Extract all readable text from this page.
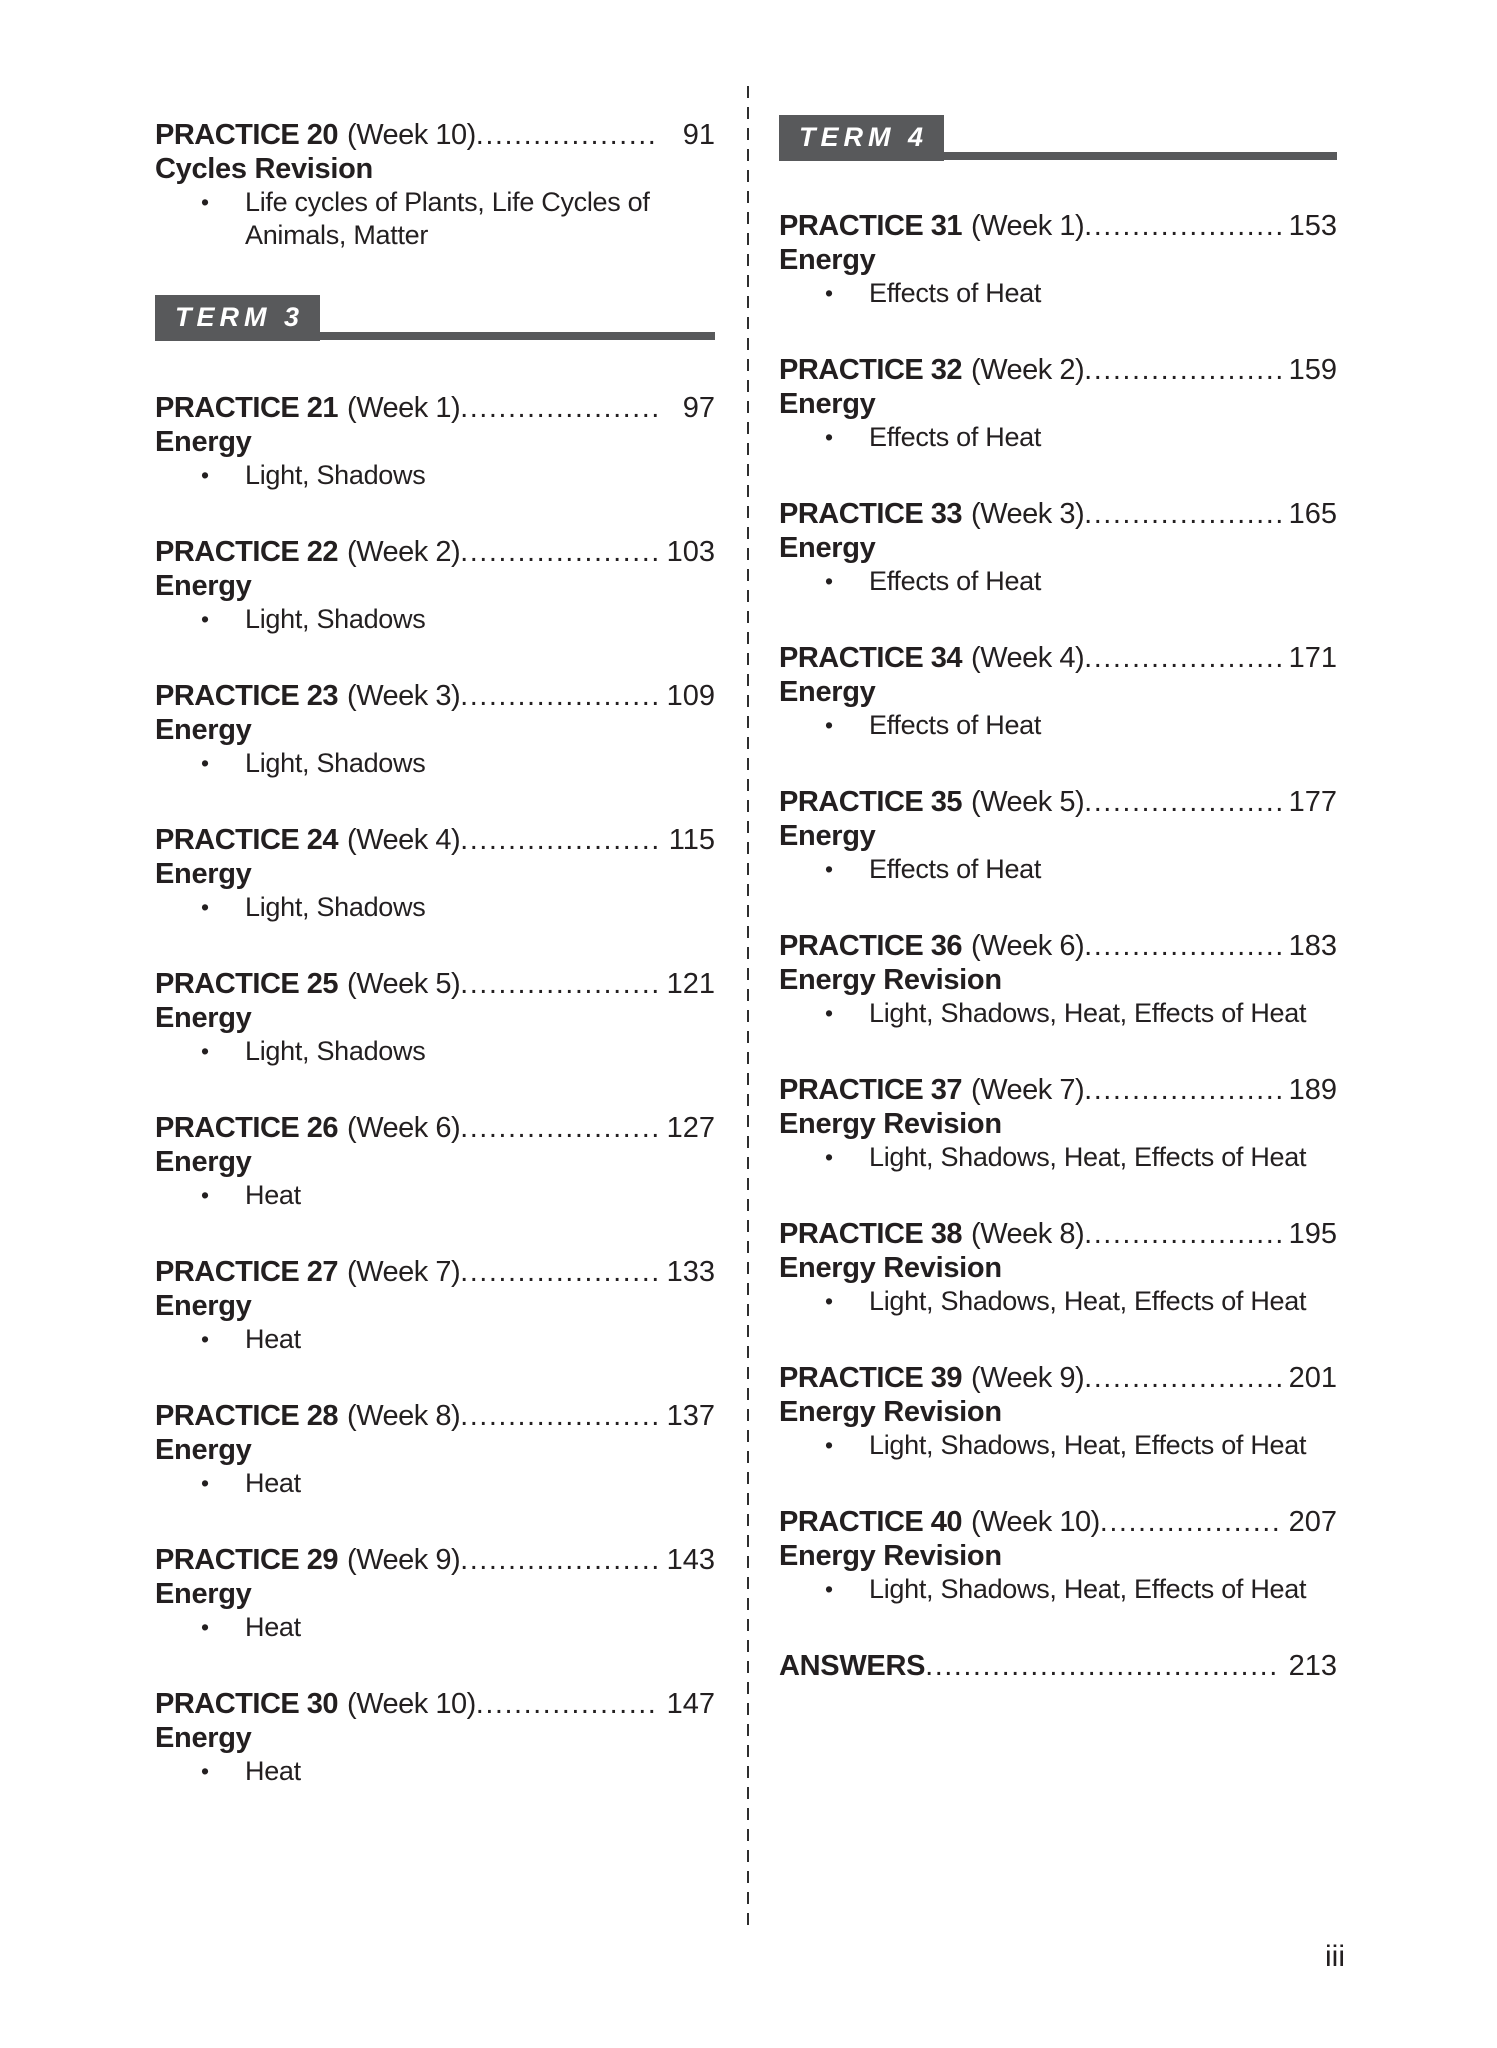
PRACTICE 20 (Week 10) .....	91
Cycles Revision
•	Life cycles of Plants, Life Cycles of Animals, Matter
TERM 3
PRACTICE 21 (Week 1) .....	97
Energy
•	Light, Shadows
PRACTICE 22 (Week 2) .....	103
Energy
•	Light, Shadows
PRACTICE 23 (Week 3) .....	109
Energy
•	Light, Shadows
PRACTICE 24 (Week 4) .....	115
Energy
•	Light, Shadows
PRACTICE 25 (Week 5) .....	121
Energy
•	Light, Shadows
PRACTICE 26 (Week 6) .....	127
Energy
•	Heat
PRACTICE 27 (Week 7) .....	133
Energy
•	Heat
PRACTICE 28 (Week 8) .....	137
Energy
•	Heat
PRACTICE 29 (Week 9) .....	143
Energy
•	Heat
PRACTICE 30 (Week 10) .....	147
Energy
•	Heat
TERM 4
PRACTICE 31 (Week 1) .....	153
Energy
•	Effects of Heat
PRACTICE 32 (Week 2) .....	159
Energy
•	Effects of Heat
PRACTICE 33 (Week 3) .....	165
Energy
•	Effects of Heat
PRACTICE 34 (Week 4) .....	171
Energy
•	Effects of Heat
PRACTICE 35 (Week 5) .....	177
Energy
•	Effects of Heat
PRACTICE 36 (Week 6) .....	183
Energy Revision
•	Light, Shadows, Heat, Effects of Heat
PRACTICE 37 (Week 7) .....	189
Energy Revision
•	Light, Shadows, Heat, Effects of Heat
PRACTICE 38 (Week 8) .....	195
Energy Revision
•	Light, Shadows, Heat, Effects of Heat
PRACTICE 39 (Week 9) .....	201
Energy Revision
•	Light, Shadows, Heat, Effects of Heat
PRACTICE 40 (Week 10) .....	207
Energy Revision
•	Light, Shadows, Heat, Effects of Heat
ANSWERS .....	213
iii
